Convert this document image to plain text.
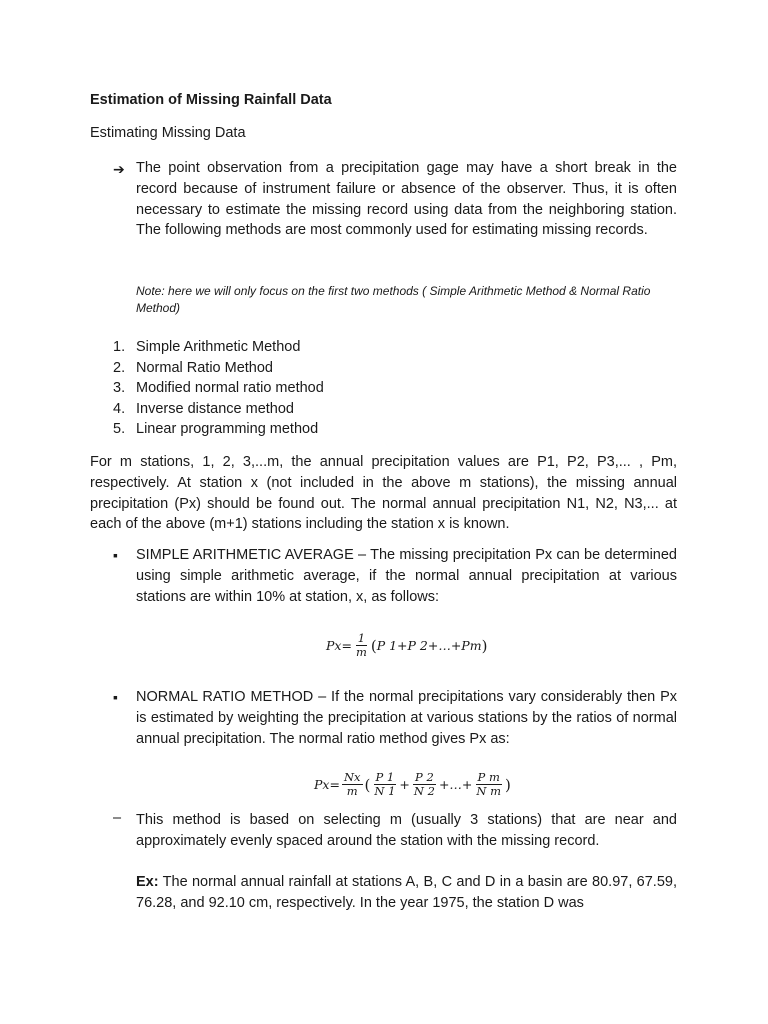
Estimation of Missing Rainfall Data
Estimating Missing Data
➔ The point observation from a precipitation gage may have a short break in the record because of instrument failure or absence of the observer. Thus, it is often necessary to estimate the missing record using data from the neighboring station. The following methods are most commonly used for estimating missing records.
Note: here we will only focus on the first two methods ( Simple Arithmetic Method & Normal Ratio Method)
1. Simple Arithmetic Method
2. Normal Ratio Method
3. Modified normal ratio method
4. Inverse distance method
5. Linear programming method
For m stations, 1, 2, 3,...m, the annual precipitation values are P1, P2, P3,... , Pm, respectively. At station x (not included in the above m stations), the missing annual precipitation (Px) should be found out. The normal annual precipitation N1, N2, N3,... at each of the above (m+1) stations including the station x is known.
▪ SIMPLE ARITHMETIC AVERAGE – The missing precipitation Px can be determined using simple arithmetic average, if the normal annual precipitation at various stations are within 10% at station, x, as follows:
$Px= \frac{1}{m}$ ( P 1+P 2+…+Pm )
▪ NORMAL RATIO METHOD – If the normal precipitations vary considerably then Px is estimated by weighting the precipitation at various stations by the ratios of normal annual precipitation. The normal ratio method gives Px as:
$Px= \frac{Nx}{m}$ ( $\frac{P 1}{N 1} + \frac{P 2}{N 2}$ +…+ $\frac{\text{P m}}{\text{N m}}$ )
– This method is based on selecting m (usually 3 stations) that are near and approximately evenly spaced around the station with the missing record.
Ex: The normal annual rainfall at stations A, B, C and D in a basin are 80.97, 67.59, 76.28, and 92.10 cm, respectively. In the year 1975, the station D was
